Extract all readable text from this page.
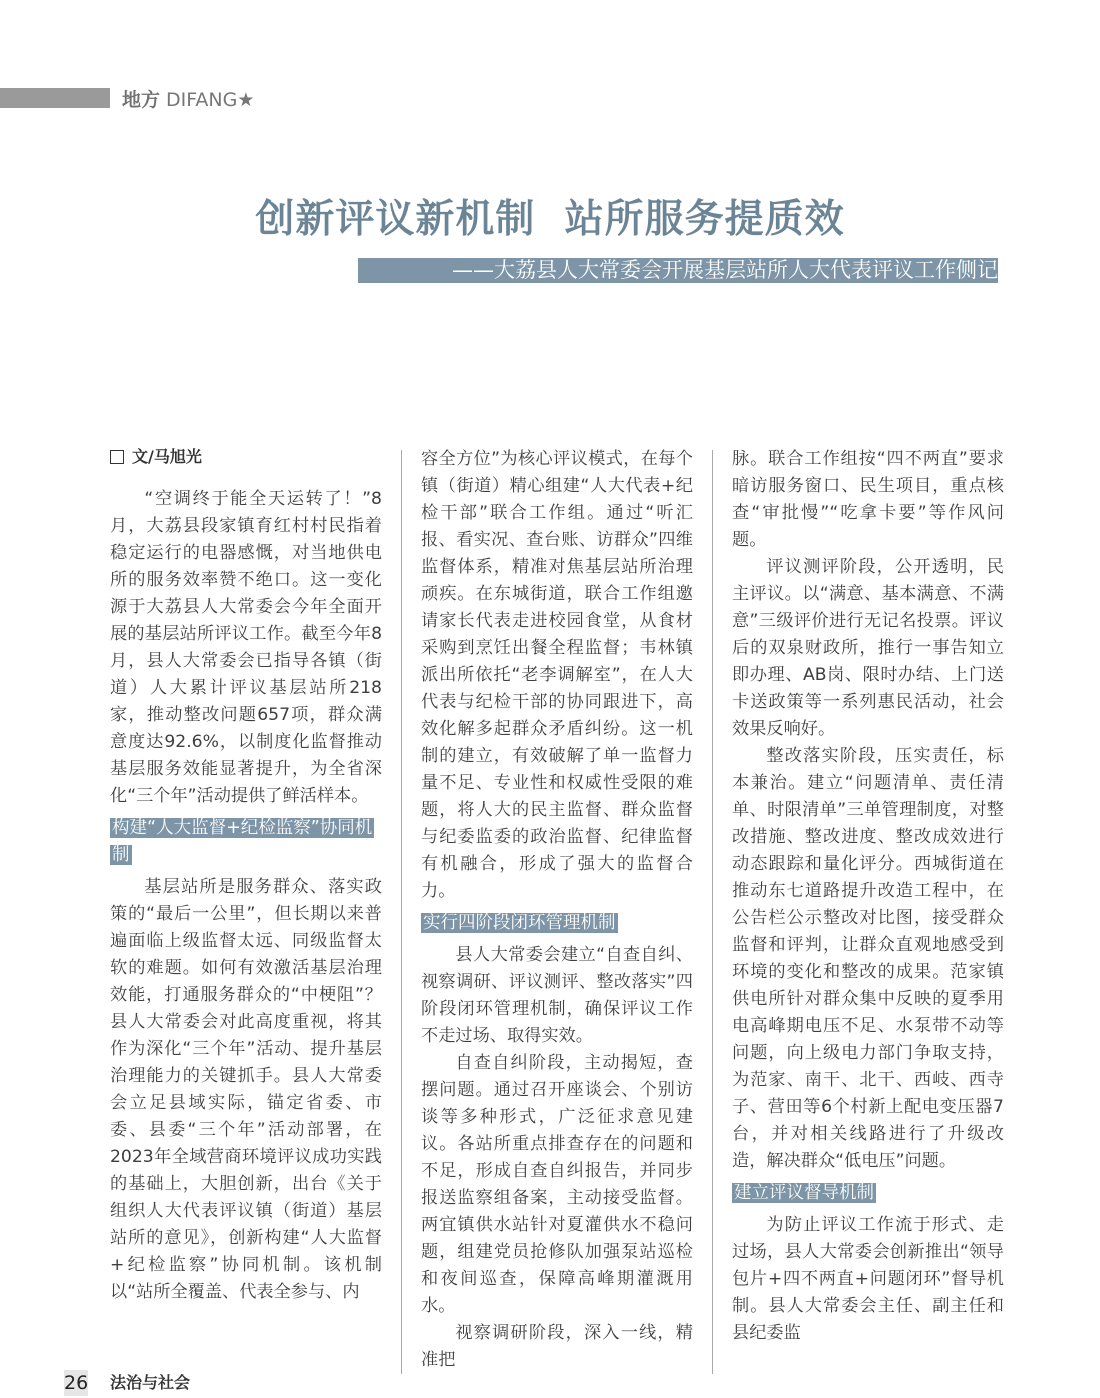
地方 DIFANG★
创新评议新机制  站所服务提质效
——大荔县人大常委会开展基层站所人大代表评议工作侧记
文/马旭光

“空调终于能全天运转了！”8月，大荔县段家镇育红村村民指着稳定运行的电器感慨，对当地供电所的服务效率赞不绝口。这一变化源于大荔县人大常委会今年全面开展的基层站所评议工作。截至今年8月，县人大常委会已指导各镇（街道）人大累计评议基层站所218家，推动整改问题657项，群众满意度达92.6%，以制度化监督推动基层服务效能显著提升，为全省深化“三个年”活动提供了鲜活样本。

构建“人大监督+纪检监察”协同机制

基层站所是服务群众、落实政策的“最后一公里”，但长期以来普遍面临上级监督太远、同级监督太软的难题。如何有效激活基层治理效能，打通服务群众的“中梗阻”？县人大常委会对此高度重视，将其作为深化“三个年”活动、提升基层治理能力的关键抓手。县人大常委会立足县域实际，锚定省委、市委、县委“三个年”活动部署，在2023年全域营商环境评议成功实践的基础上，大胆创新，出台《关于组织人大代表评议镇（街道）基层站所的意见》，创新构建“人大监督+纪检监察”协同机制。该机制以“站所全覆盖、代表全参与、内

容全方位”为核心评议模式，在每个镇（街道）精心组建“人大代表+纪检干部”联合工作组。通过“听汇报、看实况、查台账、访群众”四维监督体系，精准对焦基层站所治理顽疾。在东城街道，联合工作组邀请家长代表走进校园食堂，从食材采购到烹饪出餐全程监督；韦林镇派出所依托“老李调解室”，在人大代表与纪检干部的协同跟进下，高效化解多起群众矛盾纠纷。这一机制的建立，有效破解了单一监督力量不足、专业性和权威性受限的难题，将人大的民主监督、群众监督与纪委监委的政治监督、纪律监督有机融合，形成了强大的监督合力。

实行四阶段闭环管理机制

县人大常委会建立“自查自纠、视察调研、评议测评、整改落实”四阶段闭环管理机制，确保评议工作不走过场、取得实效。

自查自纠阶段，主动揭短，查摆问题。通过召开座谈会、个别访谈等多种形式，广泛征求意见建议。各站所重点排查存在的问题和不足，形成自查自纠报告，并同步报送监察组备案，主动接受监督。两宜镇供水站针对夏灌供水不稳问题，组建党员抢修队加强泵站巡检和夜间巡查，保障高峰期灌溉用水。

视察调研阶段，深入一线，精准把

脉。联合工作组按“四不两直”要求暗访服务窗口、民生项目，重点核查“审批慢”“吃拿卡要”等作风问题。

评议测评阶段，公开透明，民主评议。以“满意、基本满意、不满意”三级评价进行无记名投票。评议后的双泉财政所，推行一事告知立即办理、AB岗、限时办结、上门送卡送政策等一系列惠民活动，社会效果反响好。

整改落实阶段，压实责任，标本兼治。建立“问题清单、责任清单、时限清单”三单管理制度，对整改措施、整改进度、整改成效进行动态跟踪和量化评分。西城街道在推动东七道路提升改造工程中，在公告栏公示整改对比图，接受群众监督和评判，让群众直观地感受到环境的变化和整改的成果。范家镇供电所针对群众集中反映的夏季用电高峰期电压不足、水泵带不动等问题，向上级电力部门争取支持，为范家、南干、北干、西岐、西寺子、营田等6个村新上配电变压器7台，并对相关线路进行了升级改造，解决群众“低电压”问题。

建立评议督导机制

为防止评议工作流于形式、走过场，县人大常委会创新推出“领导包片+四不两直+问题闭环”督导机制。县人大常委会主任、副主任和县纪委监

26 法治与社会
